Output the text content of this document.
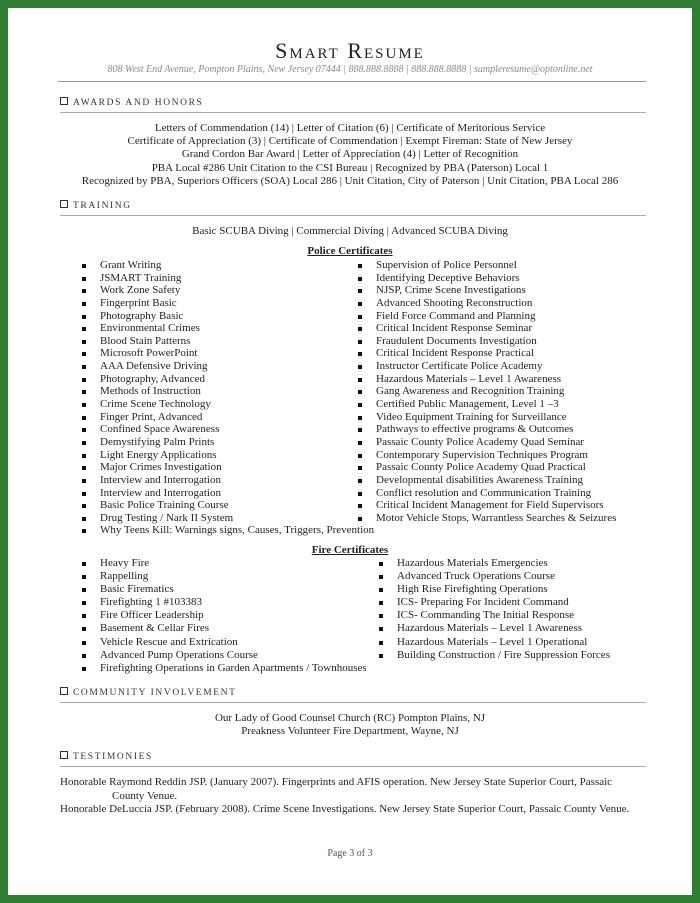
Smart Resume
808 West End Avenue, Pompton Plains, New Jersey 07444 | 888.888.8888 | 888.888.8888 | sampleresume@optonline.net
AWARDS AND HONORS
Letters of Commendation (14) | Letter of Citation (6) | Certificate of Meritorious Service
Certificate of Appreciation (3) | Certificate of Commendation | Exempt Fireman: State of New Jersey
Grand Cordon Bar Award | Letter of Appreciation (4) | Letter of Recognition
PBA Local #286 Unit Citation to the CSI Bureau | Recognized by PBA (Paterson) Local 1
Recognized by PBA, Superiors Officers (SOA) Local 286 | Unit Citation, City of Paterson | Unit Citation, PBA Local 286
TRAINING
Basic SCUBA Diving | Commercial Diving | Advanced SCUBA Diving
Police Certificates
Grant Writing
JSMART Training
Work Zone Safety
Fingerprint Basic
Photography Basic
Environmental Crimes
Blood Stain Patterns
Microsoft PowerPoint
AAA Defensive Driving
Photography, Advanced
Methods of Instruction
Crime Scene Technology
Finger Print, Advanced
Confined Space Awareness
Demystifying Palm Prints
Light Energy Applications
Major Crimes Investigation
Interview and Interrogation
Interview and Interrogation
Basic Police Training Course
Drug Testing / Nark II System
Why Teens Kill: Warnings signs, Causes, Triggers, Prevention
Supervision of Police Personnel
Identifying Deceptive Behaviors
NJSP, Crime Scene Investigations
Advanced Shooting Reconstruction
Field Force Command and Planning
Critical Incident Response Seminar
Fraudulent Documents Investigation
Critical Incident Response Practical
Instructor Certificate Police Academy
Hazardous Materials – Level 1 Awareness
Gang Awareness and Recognition Training
Certified Public Management, Level 1 –3
Video Equipment Training for Surveillance
Pathways to effective programs & Outcomes
Passaic County Police Academy Quad Seminar
Contemporary Supervision Techniques Program
Passaic County Police Academy Quad Practical
Developmental disabilities Awareness Training
Conflict resolution and Communication Training
Critical Incident Management for Field Supervisors
Motor Vehicle Stops, Warrantless Searches & Seizures
Fire Certificates
Heavy Fire
Rappelling
Basic Firematics
Firefighting 1 #103383
Fire Officer Leadership
Basement & Cellar Fires
Vehicle Rescue and Extrication
Advanced Pump Operations Course
Firefighting Operations in Garden Apartments / Townhouses
Hazardous Materials Emergencies
Advanced Truck Operations Course
High Rise Firefighting Operations
ICS- Preparing For Incident Command
ICS- Commanding The Initial Response
Hazardous Materials – Level 1 Awareness
Hazardous Materials – Level 1 Operational
Building Construction / Fire Suppression Forces
COMMUNITY INVOLVEMENT
Our Lady of Good Counsel Church (RC) Pompton Plains, NJ
Preakness Volunteer Fire Department, Wayne, NJ
TESTIMONIES

Honorable Raymond Reddin JSP. (January 2007). Fingerprints and AFIS operation. New Jersey State Superior Court, Passaic

County Venue.

Honorable DeLuccia JSP. (February 2008). Crime Scene Investigations. New Jersey State Superior Court, Passaic County Venue.

Page 3 of 3
